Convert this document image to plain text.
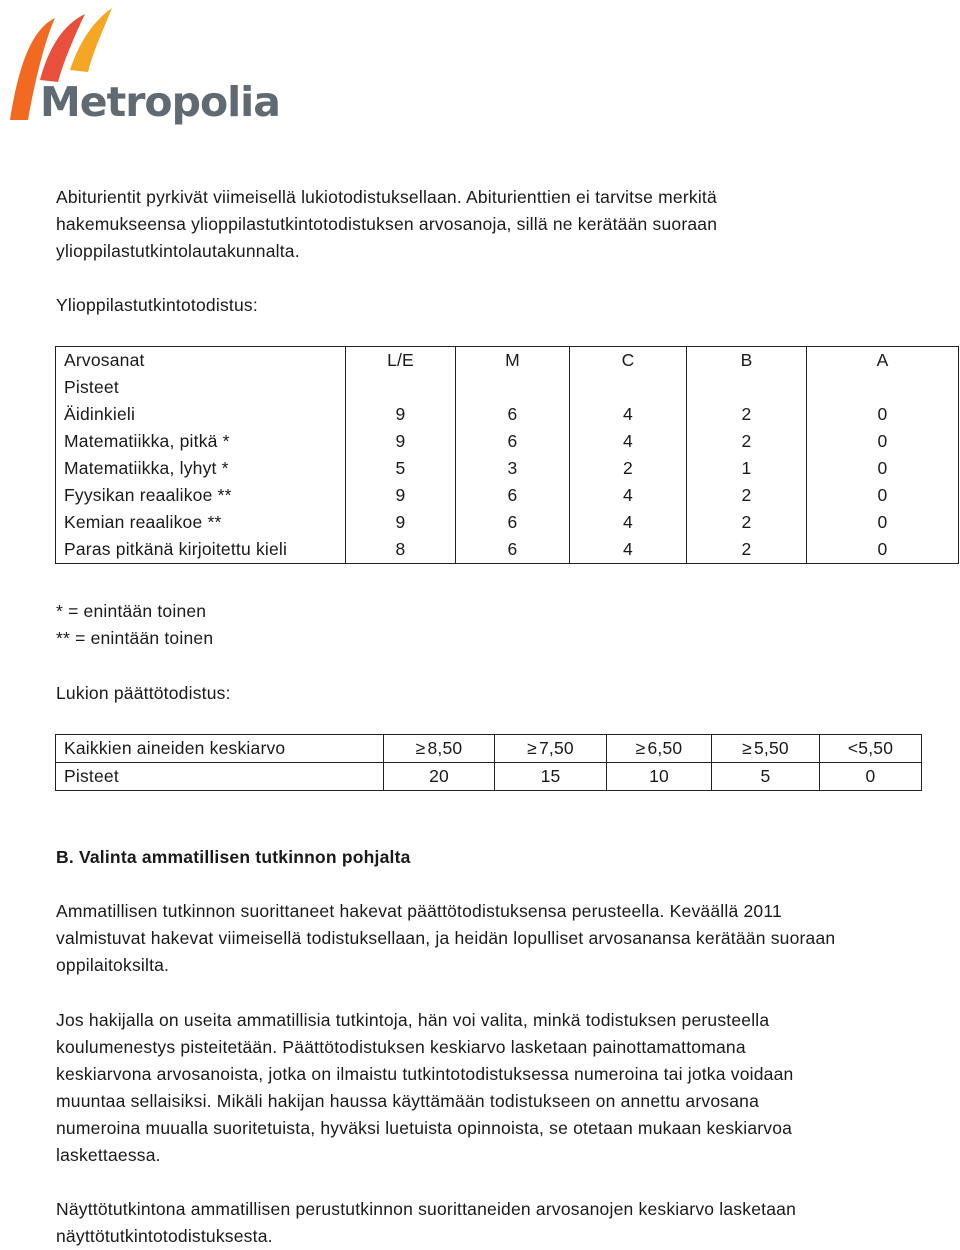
Metropolia
Abiturientit pyrkivät viimeisellä lukiotodistuksellaan. Abiturienttien ei tarvitse merkitä
hakemukseensa ylioppilastutkintotodistuksen arvosanoja, sillä ne kerätään suoraan
ylioppilastutkintolautakunnalta.
Ylioppilastutkintotodistus:
Arvosanat	L/E	M	C	B	A
Pisteet					
Äidinkieli	9	6	4	2	0
Matematiikka, pitkä *	9	6	4	2	0
Matematiikka, lyhyt *	5	3	2	1	0
Fyysikan reaalikoe **	9	6	4	2	0
Kemian reaalikoe **	9	6	4	2	0
Paras pitkänä kirjoitettu kieli	8	6	4	2	0
* = enintään toinen
** = enintään toinen
Lukion päättötodistus:
Kaikkien aineiden keskiarvo	≥ 8,50	≥ 7,50	≥ 6,50	≥ 5,50	<5,50
Pisteet	20	15	10	5	0
B. Valinta ammatillisen tutkinnon pohjalta
Ammatillisen tutkinnon suorittaneet hakevat päättötodistuksensa perusteella. Keväällä 2011
valmistuvat hakevat viimeisellä todistuksellaan, ja heidän lopulliset arvosanansa kerätään suoraan
oppilaitoksilta.
Jos hakijalla on useita ammatillisia tutkintoja, hän voi valita, minkä todistuksen perusteella
koulumenestys pisteitetään. Päättötodistuksen keskiarvo lasketaan painottamattomana
keskiarvona arvosanoista, jotka on ilmaistu tutkintotodistuksessa numeroina tai jotka voidaan
muuntaa sellaisiksi. Mikäli hakijan haussa käyttämään todistukseen on annettu arvosana
numeroina muualla suoritetuista, hyväksi luetuista opinnoista, se otetaan mukaan keskiarvoa
laskettaessa.
Näyttötutkintona ammatillisen perustutkinnon suorittaneiden arvosanojen keskiarvo lasketaan
näyttötutkintotodistuksesta.
